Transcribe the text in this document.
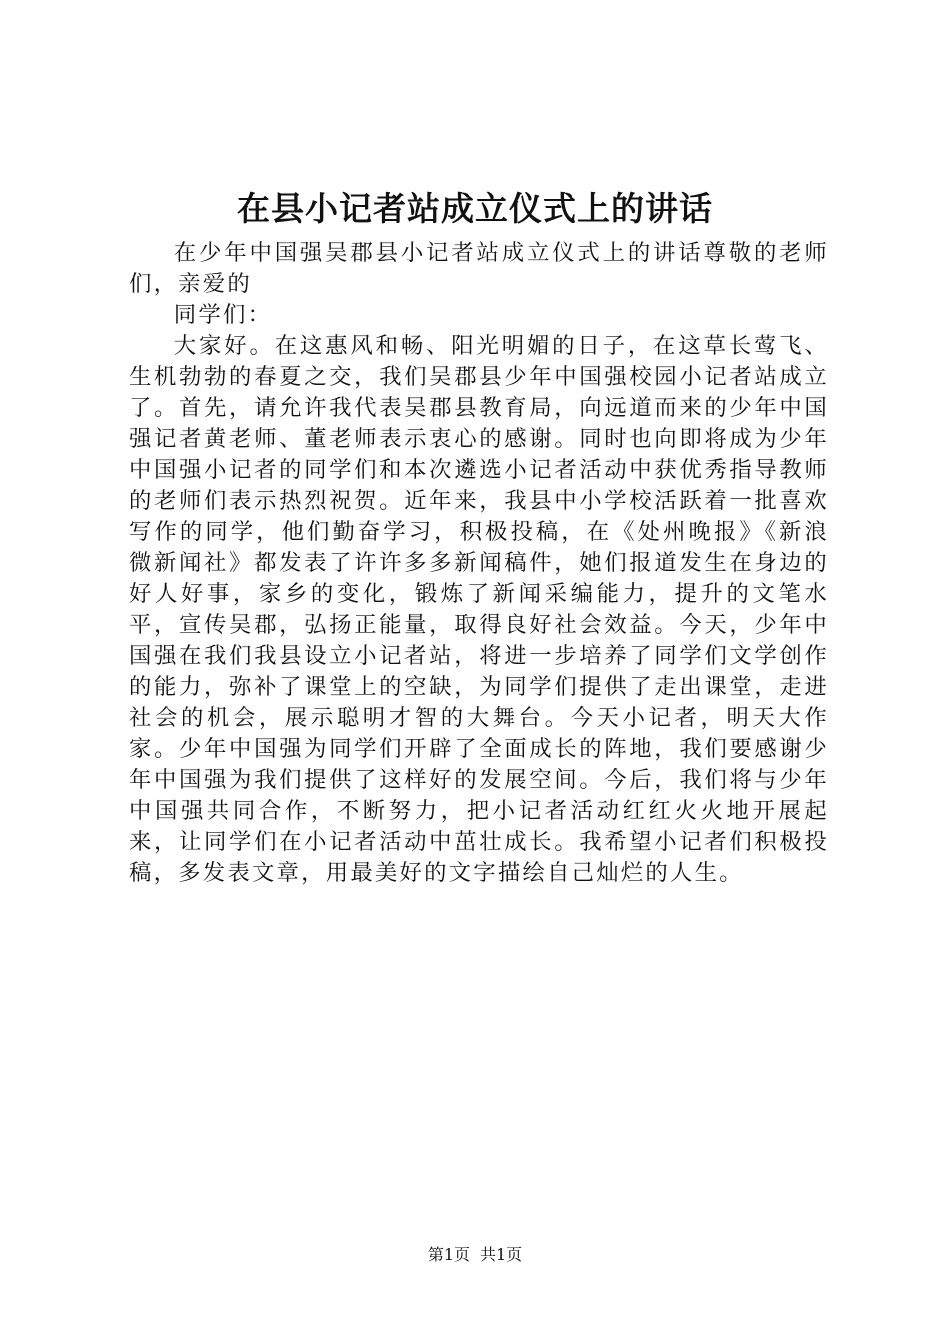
在县小记者站成立仪式上的讲话

在少年中国强吴郡县小记者站成立仪式上的讲话尊敬的老师们，亲爱的

同学们：

大家好。在这惠风和畅、阳光明媚的日子，在这草长莺飞、生机勃勃的春夏之交，我们吴郡县少年中国强校园小记者站成立了。首先，请允许我代表吴郡县教育局，向远道而来的少年中国强记者黄老师、董老师表示衷心的感谢。同时也向即将成为少年中国强小记者的同学们和本次遴选小记者活动中获优秀指导教师的老师们表示热烈祝贺。近年来，我县中小学校活跃着一批喜欢写作的同学，他们勤奋学习，积极投稿，在《处州晚报》《新浪微新闻社》都发表了许许多多新闻稿件，她们报道发生在身边的好人好事，家乡的变化，锻炼了新闻采编能力，提升的文笔水平，宣传吴郡，弘扬正能量，取得良好社会效益。今天，少年中国强在我们我县设立小记者站，将进一步培养了同学们文学创作的能力，弥补了课堂上的空缺，为同学们提供了走出课堂，走进社会的机会，展示聪明才智的大舞台。今天小记者，明天大作家。少年中国强为同学们开辟了全面成长的阵地，我们要感谢少年中国强为我们提供了这样好的发展空间。今后，我们将与少年中国强共同合作，不断努力，把小记者活动红红火火地开展起来，让同学们在小记者活动中茁壮成长。我希望小记者们积极投稿，多发表文章，用最美好的文字描绘自己灿烂的人生。

第1页 共1页
